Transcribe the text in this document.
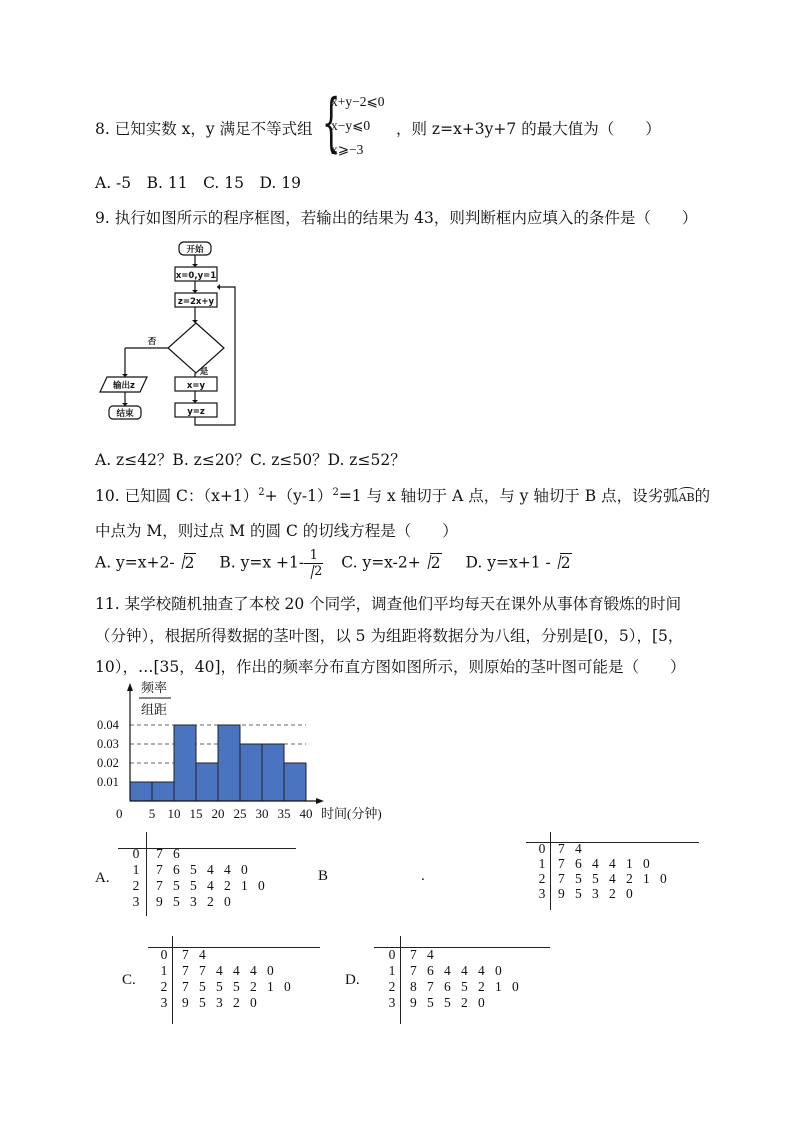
8. 已知实数 x，y 满足不等式组 {
x+y−2⩽0
x−y⩽0
x⩾−3
，则 z=x+3y+7 的最大值为（　　）
A. -5　B. 11　C. 15　D. 19
9. 执行如图所示的程序框图，若输出的结果为 43，则判断框内应填入的条件是（　　）
开始
x=0,y=1
z=2x+y
否
是
输出z
结束
x=y
y=z
A. z≤42？B. z≤20？C. z≤50？D. z≤52？
10. 已知圆 C：$(x+1)^2+(y-1)^2=1$ 与 x 轴切于 A 点，与 y 轴切于 B 点，设劣弧AB的
中点为 M，则过点 M 的圆 C 的切线方程是（　　）
A. y=x+2- 2 B. $y=x +1- \frac{1}{2} C$. y=x-2+ 2 D. y=x+1 - 2
11. 某学校随机抽查了本校 20 个同学，调查他们平均每天在课外从事体育锻炼的时间
（分钟），根据所得数据的茎叶图，以 5 为组距将数据分为八组，分别是[0，5），[5，
10），…[35，40]，作出的频率分布直方图如图所示，则原始的茎叶图可能是（　　）
频率
组距
0	时间(分钟)
0.01
0.02
0.03
0.04
5 10 15 20 25 30 35 40
A.
0 7 6
1 7 6 5 4 4 0
2 7 5 5 4 2 1 0
3 9 5 3 2 0
B	.
0 7 4
1 7 6 4 4 1 0
2 7 5 5 4 2 1 0
3 9 5 3 2 0
C.
0 7 4
1 7 7 4 4 4 0
2 7 5 5 5 2 1 0
3 9 5 3 2 0
D.
0 7 4
1 7 6 4 4 4 0
2 8 7 6 5 2 1 0
3 9 5 5 2 0
